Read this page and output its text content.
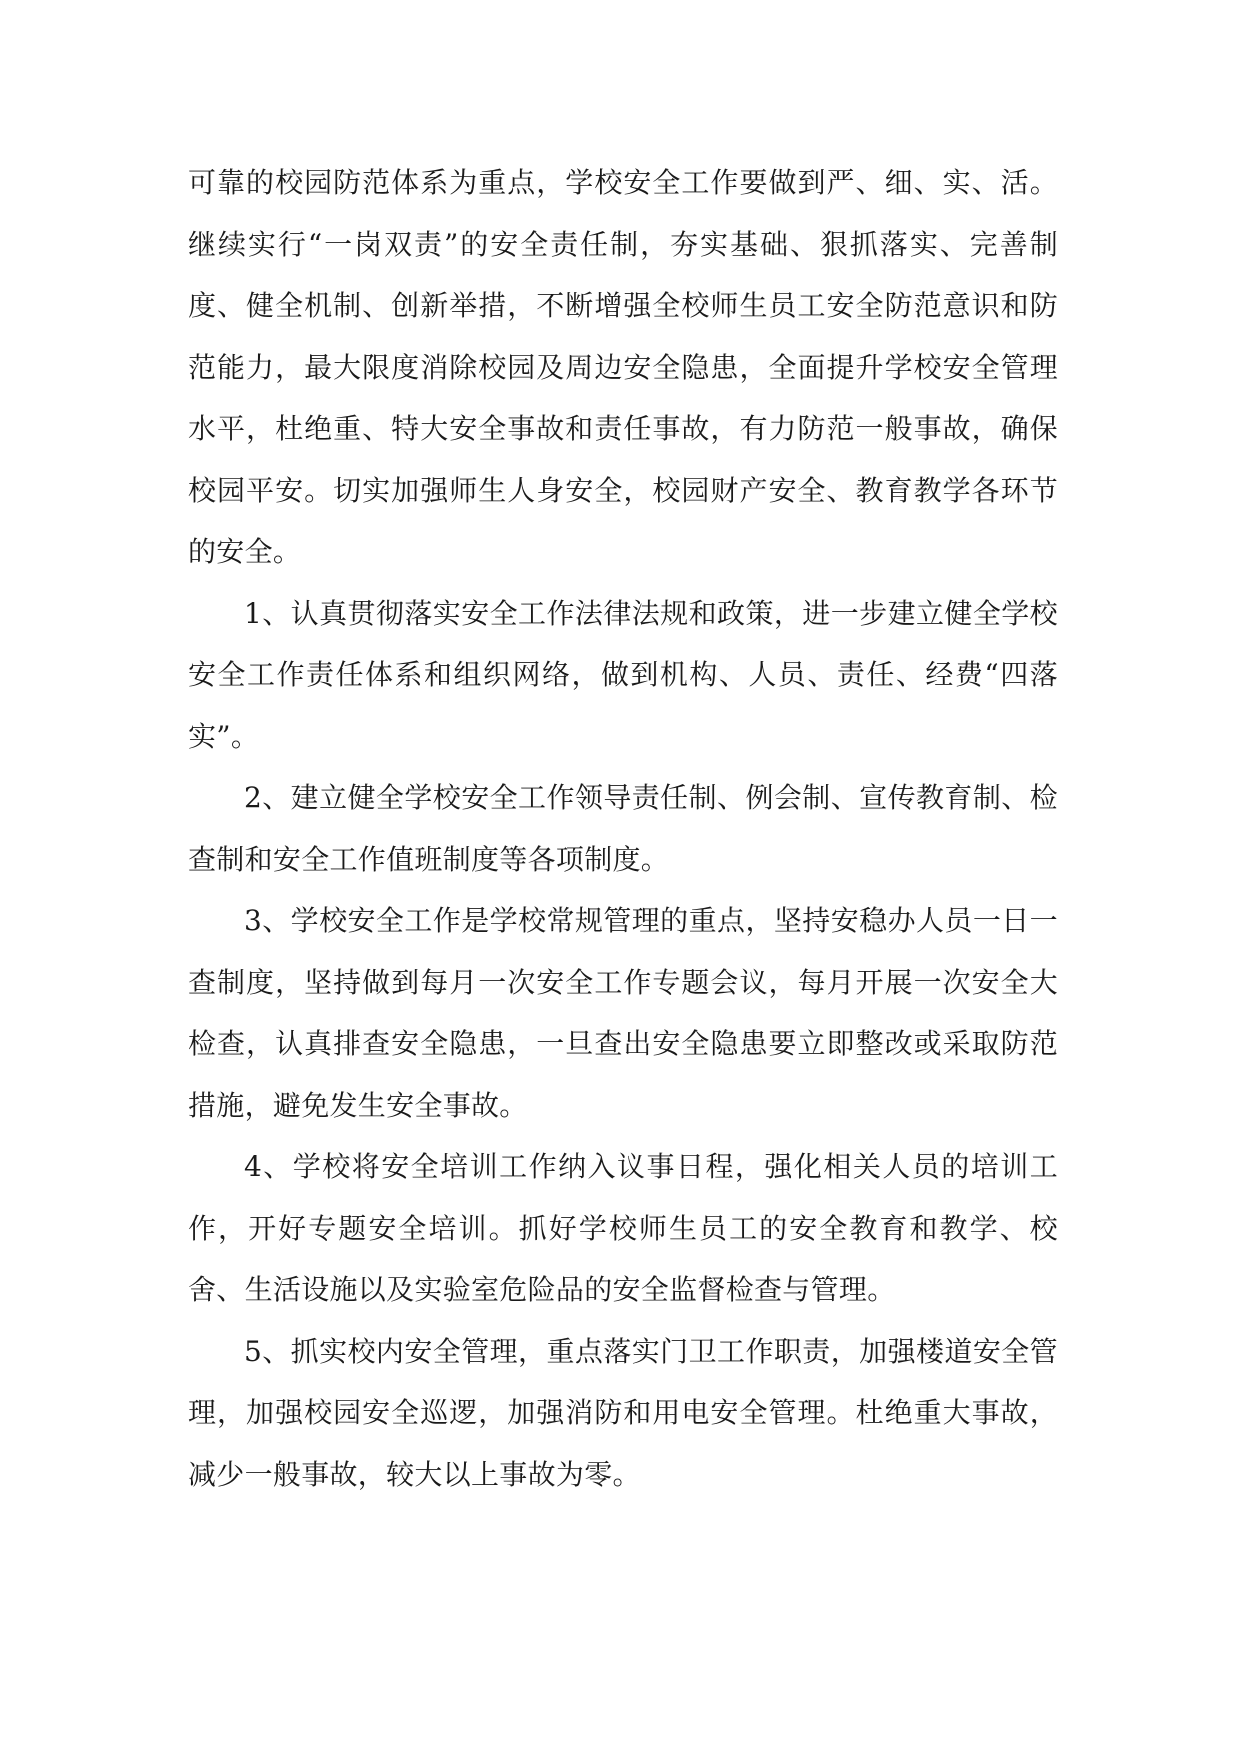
可靠的校园防范体系为重点，学校安全工作要做到严、细、实、活。继续实行“一岗双责”的安全责任制，夯实基础、狠抓落实、完善制度、健全机制、创新举措，不断增强全校师生员工安全防范意识和防范能力，最大限度消除校园及周边安全隐患，全面提升学校安全管理水平，杜绝重、特大安全事故和责任事故，有力防范一般事故，确保校园平安。切实加强师生人身安全，校园财产安全、教育教学各环节的安全。

1、认真贯彻落实安全工作法律法规和政策，进一步建立健全学校安全工作责任体系和组织网络，做到机构、人员、责任、经费“四落实”。

2、建立健全学校安全工作领导责任制、例会制、宣传教育制、检查制和安全工作值班制度等各项制度。

3、学校安全工作是学校常规管理的重点，坚持安稳办人员一日一查制度，坚持做到每月一次安全工作专题会议，每月开展一次安全大检查，认真排查安全隐患，一旦查出安全隐患要立即整改或采取防范措施，避免发生安全事故。

4、学校将安全培训工作纳入议事日程，强化相关人员的培训工作，开好专题安全培训。抓好学校师生员工的安全教育和教学、校舍、生活设施以及实验室危险品的安全监督检查与管理。

5、抓实校内安全管理，重点落实门卫工作职责，加强楼道安全管理，加强校园安全巡逻，加强消防和用电安全管理。杜绝重大事故，减少一般事故，较大以上事故为零。
